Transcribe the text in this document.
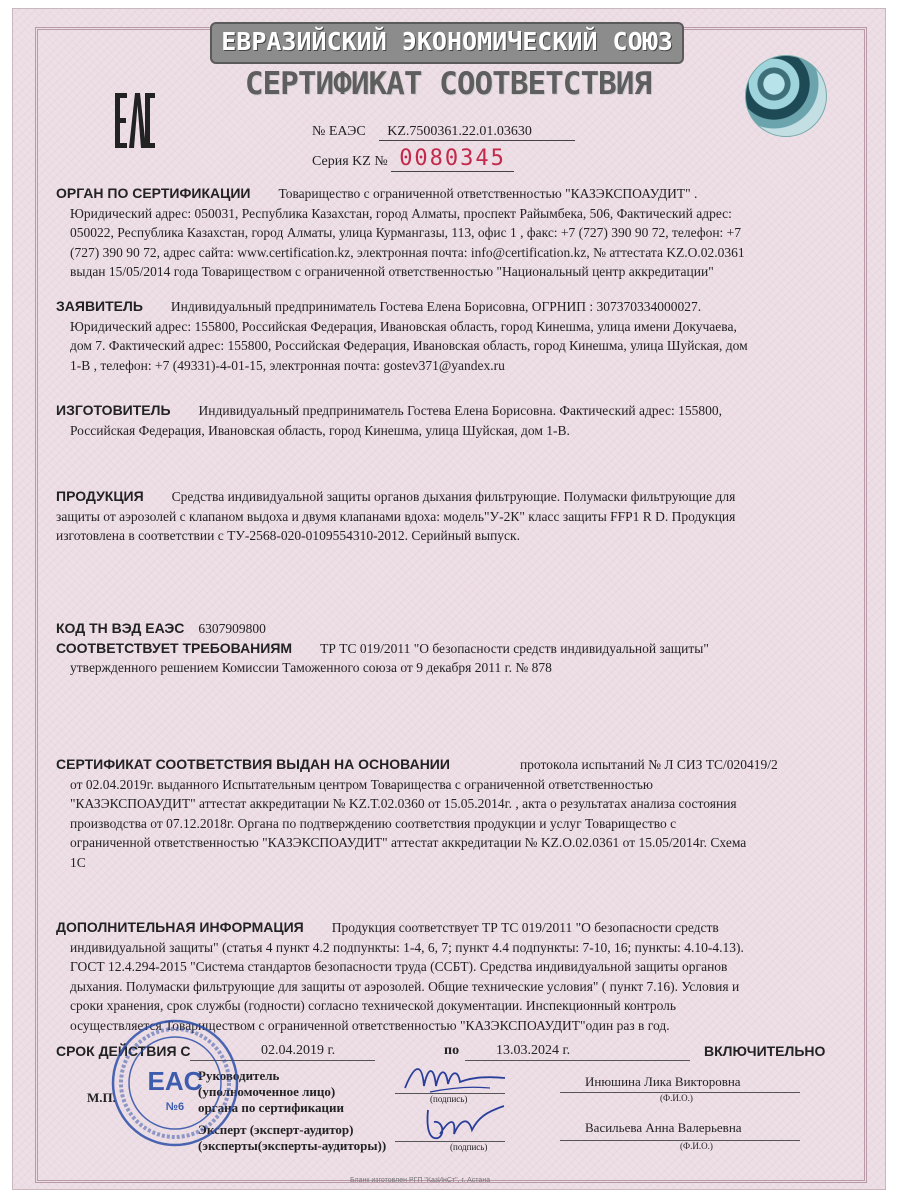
ЕВРАЗИЙСКИЙ ЭКОНОМИЧЕСКИЙ СОЮЗ
СЕРТИФИКАТ СООТВЕТСТВИЯ
№ ЕАЭС KZ.7500361.22.01.03630
Серия KZ № 0080345
ОРГАН ПО СЕРТИФИКАЦИИ Товарищество с ограниченной ответственностью "КАЗЭКСПОАУДИТ" .
Юридический адрес: 050031, Республика Казахстан, город Алматы, проспект Райымбека, 506, Фактический адрес:
050022, Республика Казахстан, город Алматы, улица Курмангазы, 113, офис 1 , факс: +7 (727) 390 90 72, телефон: +7
(727) 390 90 72, адрес сайта: www.certification.kz, электронная почта: info@certification.kz, № аттестата KZ.O.02.0361
выдан 15/05/2014 года Товариществом с ограниченной ответственностью "Национальный центр аккредитации"
ЗАЯВИТЕЛЬ Индивидуальный предприниматель Гостева Елена Борисовна, ОГРНИП : 307370334000027.
Юридический адрес: 155800, Российская Федерация, Ивановская область, город Кинешма, улица имени Докучаева,
дом 7. Фактический адрес: 155800, Российская Федерация, Ивановская область, город Кинешма, улица Шуйская, дом
1-В , телефон: +7 (49331)-4-01-15, электронная почта: gostev371@yandex.ru
ИЗГОТОВИТЕЛЬ Индивидуальный предприниматель Гостева Елена Борисовна. Фактический адрес: 155800,
Российская Федерация, Ивановская область, город Кинешма, улица Шуйская, дом 1-В.
ПРОДУКЦИЯ Средства индивидуальной защиты органов дыхания фильтрующие. Полумаски фильтрующие для
защиты от аэрозолей с клапаном выдоха и двумя клапанами вдоха: модель"У-2К" класс защиты FFP1 R D. Продукция
изготовлена в соответствии с ТУ-2568-020-0109554310-2012. Серийный выпуск.
КОД ТН ВЭД ЕАЭС 6307909800
СООТВЕТСТВУЕТ ТРЕБОВАНИЯМ ТР ТС 019/2011 "О безопасности средств индивидуальной защиты"
утвержденного решением Комиссии Таможенного союза от 9 декабря 2011 г. № 878
СЕРТИФИКАТ СООТВЕТСТВИЯ ВЫДАН НА ОСНОВАНИИ	протокола испытаний № Л СИЗ ТС/020419/2
от 02.04.2019г. выданного Испытательным центром Товарищества с ограниченной ответственностью
"КАЗЭКСПОАУДИТ" аттестат аккредитации № KZ.T.02.0360 от 15.05.2014г. , акта о результатах анализа состояния
производства от 07.12.2018г. Органа по подтверждению соответствия продукции и услуг Товарищество с
ограниченной ответственностью "КАЗЭКСПОАУДИТ" аттестат аккредитации № KZ.O.02.0361 от 15.05/2014г. Схема
1С
ДОПОЛНИТЕЛЬНАЯ ИНФОРМАЦИЯ Продукция соответствует ТР ТС 019/2011 "О безопасности средств
индивидуальной защиты" (статья 4 пункт 4.2 подпункты: 1-4, 6, 7; пункт 4.4 подпункты: 7-10, 16; пункты: 4.10-4.13).
ГОСТ 12.4.294-2015 "Система стандартов безопасности труда (ССБТ). Средства индивидуальной защиты органов
дыхания. Полумаски фильтрующие для защиты от аэрозолей. Общие технические условия" ( пункт 7.16). Условия и
сроки хранения, срок службы (годности) согласно технической документации. Инспекционный контроль
осуществляется Товариществом с ограниченной ответственностью "КАЗЭКСПОАУДИТ"один раз в год.
СРОК ДЕЙСТВИЯ С	02.04.2019 г.	по	13.03.2024 г.	ВКЛЮЧИТЕЛЬНО
Руководитель
(уполномоченное лицо)
органа по сертификации
М.П.	(подпись)
Инюшина Лика Викторовна
(Ф.И.О.)
Эксперт (эксперт-аудитор)
(эксперты(эксперты-аудиторы))	(подпись)
Васильева Анна Валерьевна
(Ф.И.О.)
EAC
№6
Бланк изготовлен РГП "КазИнСт", г. Астана
